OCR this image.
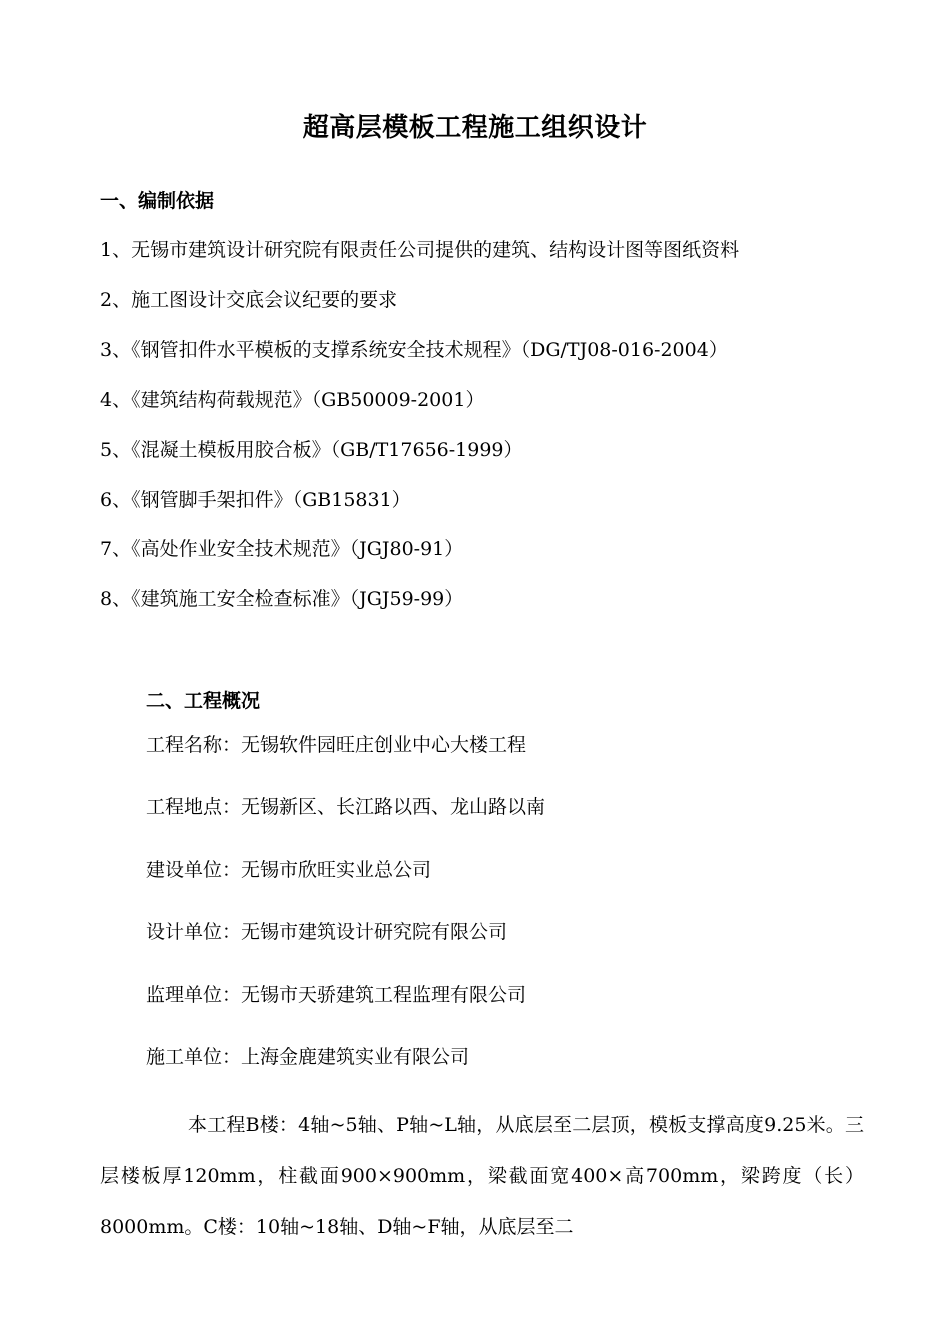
超高层模板工程施工组织设计
一、编制依据
1、无锡市建筑设计研究院有限责任公司提供的建筑、结构设计图等图纸资料
2、施工图设计交底会议纪要的要求
3、《钢管扣件水平模板的支撑系统安全技术规程》（DG/TJ08-016-2004）
4、《建筑结构荷载规范》（GB50009-2001）
5、《混凝土模板用胶合板》（GB/T17656-1999）
6、《钢管脚手架扣件》（GB15831）
7、《高处作业安全技术规范》（JGJ80-91）
8、《建筑施工安全检查标准》（JGJ59-99）
二、工程概况
工程名称：无锡软件园旺庄创业中心大楼工程
工程地点：无锡新区、长江路以西、龙山路以南
建设单位：无锡市欣旺实业总公司
设计单位：无锡市建筑设计研究院有限公司
监理单位：无锡市天骄建筑工程监理有限公司
施工单位：上海金鹿建筑实业有限公司
本工程B楼：4轴~5轴、P轴~L轴，从底层至二层顶，模板支撑高度9.25米。三层楼板厚120mm，柱截面900×900mm，梁截面宽400×高700mm，梁跨度（长）8000mm。C楼：10轴~18轴、D轴~F轴，从底层至二
